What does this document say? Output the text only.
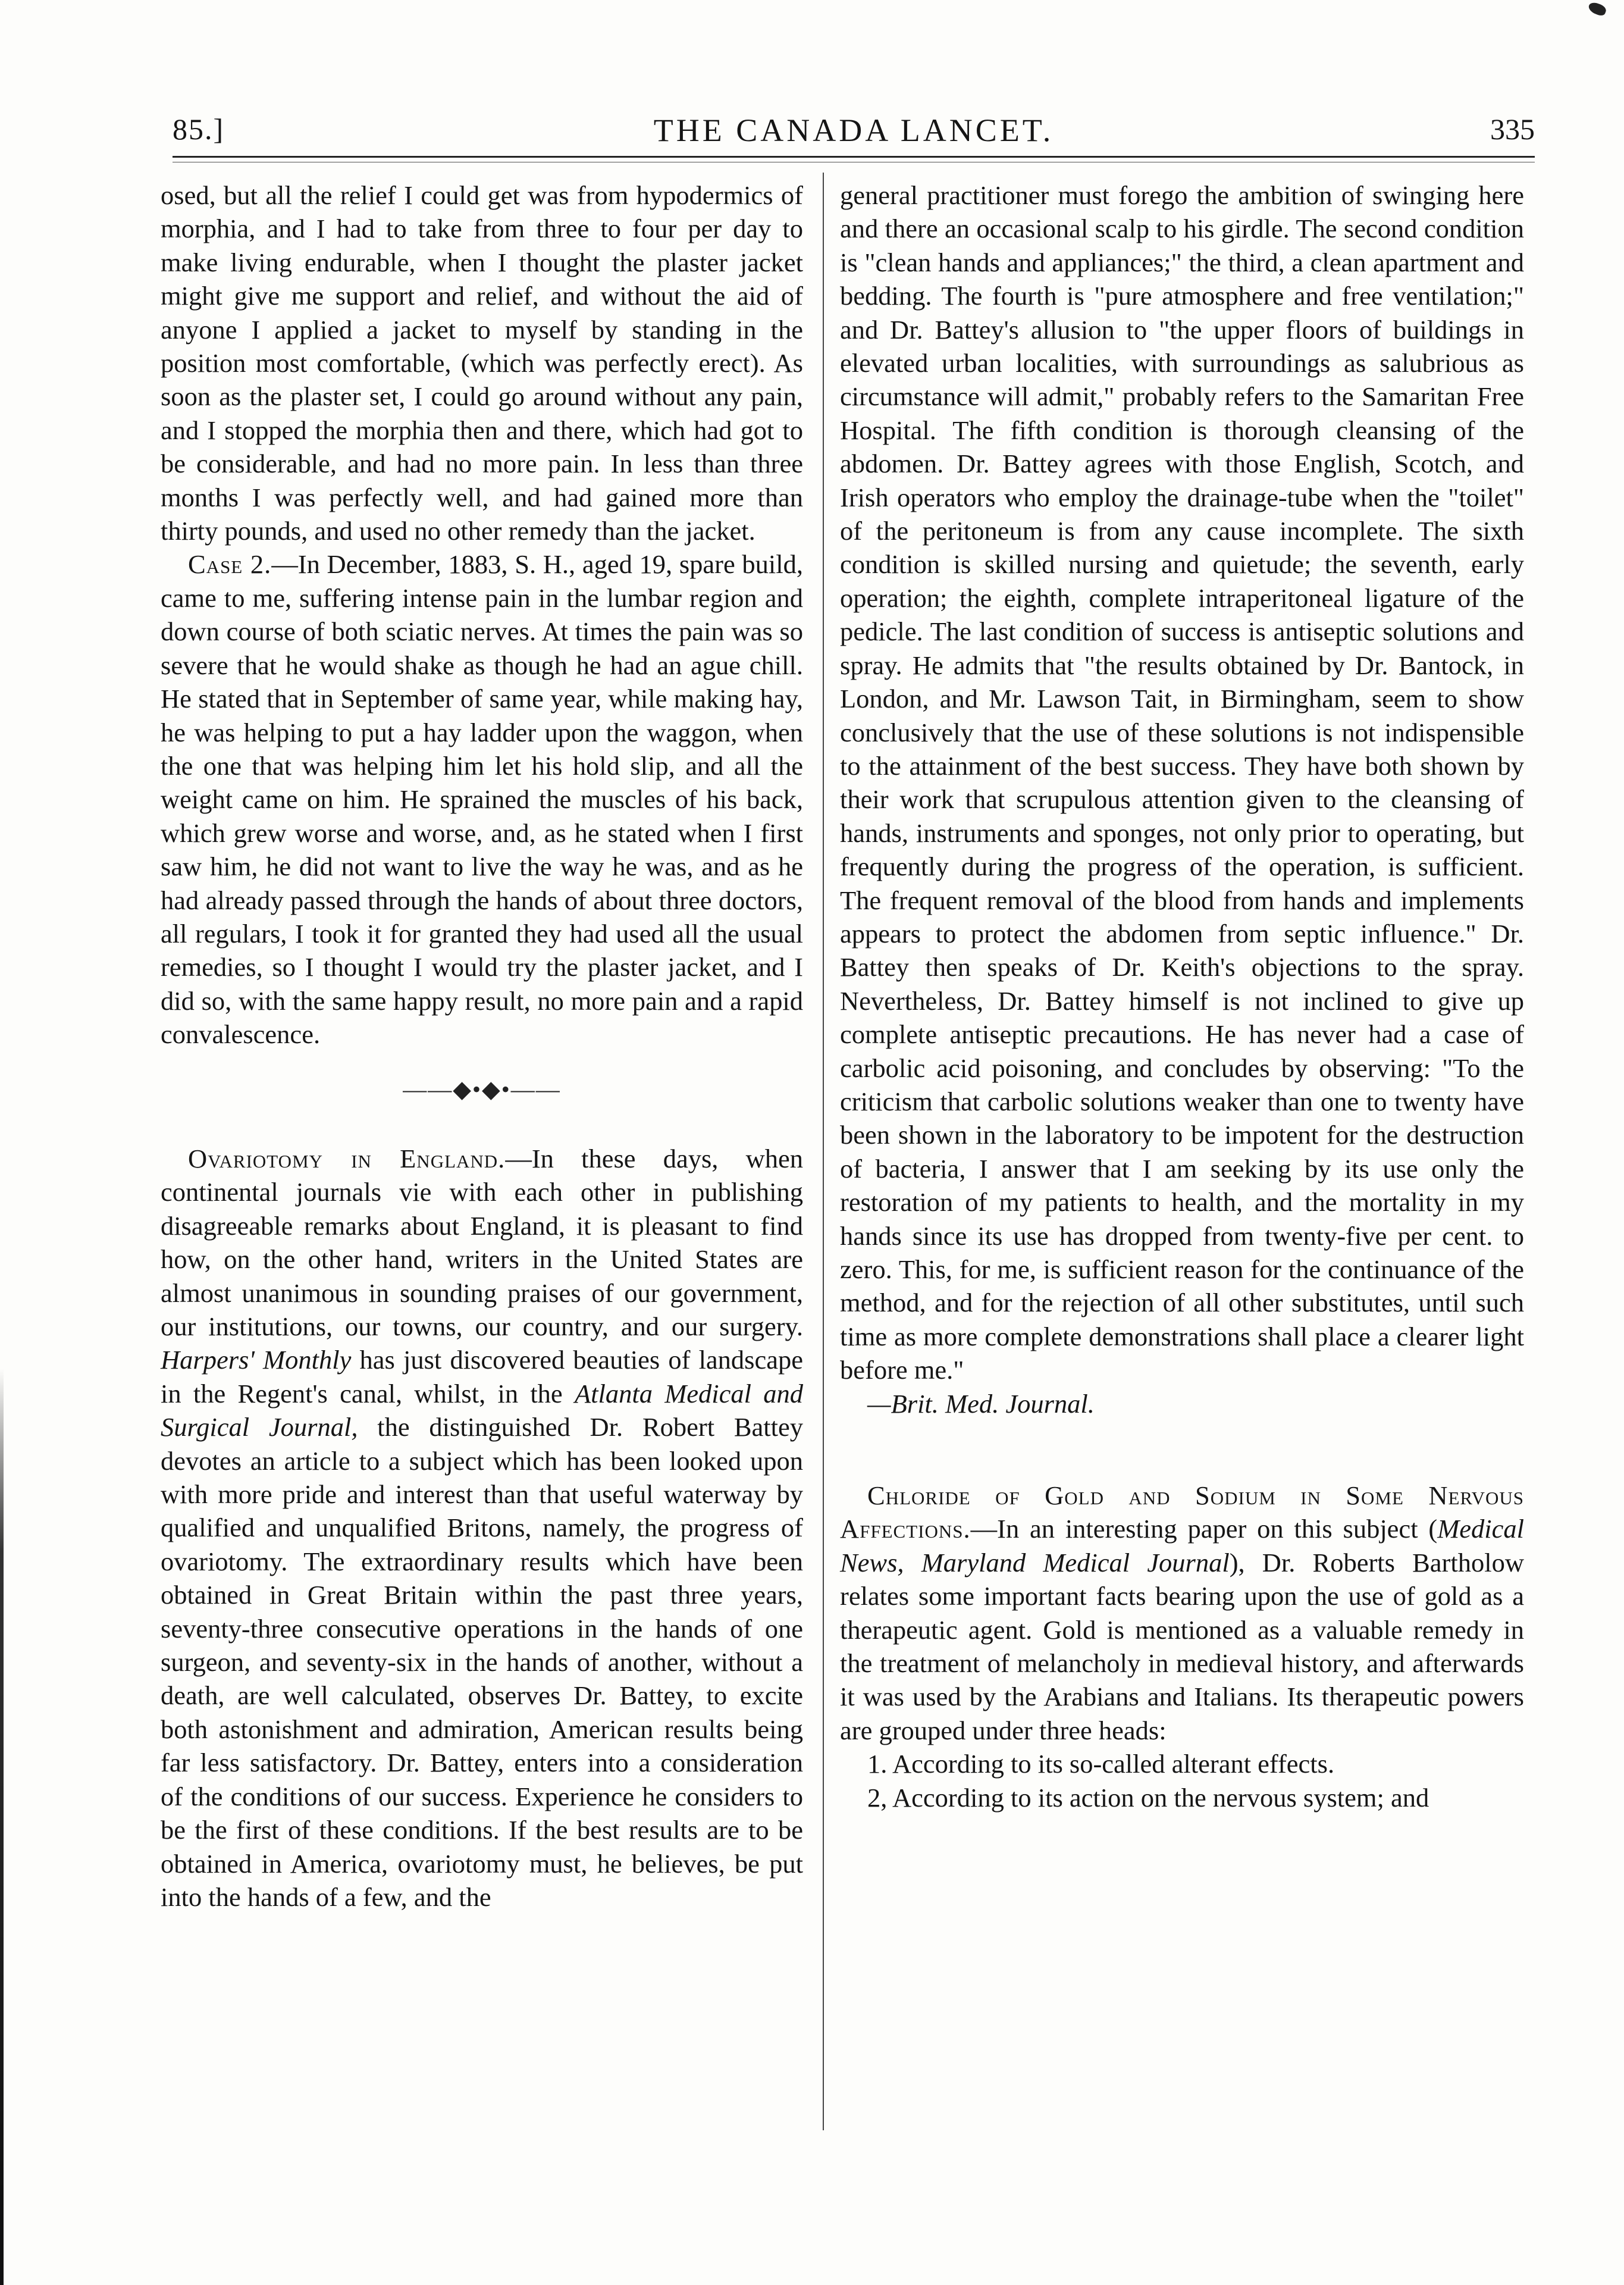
85.]	THE CANADA LANCET.	335

osed, but all the relief I could get was from hypodermics of morphia, and I had to take from three to four per day to make living endurable, when I thought the plaster jacket might give me support and relief, and without the aid of anyone I applied a jacket to myself by standing in the position most comfortable, (which was perfectly erect). As soon as the plaster set, I could go around without any pain, and I stopped the morphia then and there, which had got to be considerable, and had no more pain. In less than three months I was perfectly well, and had gained more than thirty pounds, and used no other remedy than the jacket.

Case 2.—In December, 1883, S. H., aged 19, spare build, came to me, suffering intense pain in the lumbar region and down course of both sciatic nerves. At times the pain was so severe that he would shake as though he had an ague chill. He stated that in September of same year, while making hay, he was helping to put a hay ladder upon the waggon, when the one that was helping him let his hold slip, and all the weight came on him. He sprained the muscles of his back, which grew worse and worse, and, as he stated when I first saw him, he did not want to live the way he was, and as he had already passed through the hands of about three doctors, all regulars, I took it for granted they had used all the usual remedies, so I thought I would try the plaster jacket, and I did so, with the same happy result, no more pain and a rapid convalescence.

——◆•◆•——

Ovariotomy in England.—In these days, when continental journals vie with each other in publishing disagreeable remarks about England, it is pleasant to find how, on the other hand, writers in the United States are almost unanimous in sounding praises of our government, our institutions, our towns, our country, and our surgery. Harpers' Monthly has just discovered beauties of landscape in the Regent's canal, whilst, in the Atlanta Medical and Surgical Journal, the distinguished Dr. Robert Battey devotes an article to a subject which has been looked upon with more pride and interest than that useful waterway by qualified and unqualified Britons, namely, the progress of ovariotomy. The extraordinary results which have been obtained in Great Britain within the past three years, seventy-three consecutive operations in the hands of one surgeon, and seventy-six in the hands of another, without a death, are well calculated, observes Dr. Battey, to excite both astonishment and admiration, American results being far less satisfactory. Dr. Battey, enters into a consideration of the conditions of our success. Experience he considers to be the first of these conditions. If the best results are to be obtained in America, ovariotomy must, he believes, be put into the hands of a few, and the

general practitioner must forego the ambition of swinging here and there an occasional scalp to his girdle. The second condition is "clean hands and appliances;" the third, a clean apartment and bedding. The fourth is "pure atmosphere and free ventilation;" and Dr. Battey's allusion to "the upper floors of buildings in elevated urban localities, with surroundings as salubrious as circumstance will admit," probably refers to the Samaritan Free Hospital. The fifth condition is thorough cleansing of the abdomen. Dr. Battey agrees with those English, Scotch, and Irish operators who employ the drainage-tube when the "toilet" of the peritoneum is from any cause incomplete. The sixth condition is skilled nursing and quietude; the seventh, early operation; the eighth, complete intraperitoneal ligature of the pedicle. The last condition of success is antiseptic solutions and spray. He admits that "the results obtained by Dr. Bantock, in London, and Mr. Lawson Tait, in Birmingham, seem to show conclusively that the use of these solutions is not indispensible to the attainment of the best success. They have both shown by their work that scrupulous attention given to the cleansing of hands, instruments and sponges, not only prior to operating, but frequently during the progress of the operation, is sufficient. The frequent removal of the blood from hands and implements appears to protect the abdomen from septic influence." Dr. Battey then speaks of Dr. Keith's objections to the spray. Nevertheless, Dr. Battey himself is not inclined to give up complete antiseptic precautions. He has never had a case of carbolic acid poisoning, and concludes by observing: "To the criticism that carbolic solutions weaker than one to twenty have been shown in the laboratory to be impotent for the destruction of bacteria, I answer that I am seeking by its use only the restoration of my patients to health, and the mortality in my hands since its use has dropped from twenty-five per cent. to zero. This, for me, is sufficient reason for the continuance of the method, and for the rejection of all other substitutes, until such time as more complete demonstrations shall place a clearer light before me."

—Brit. Med. Journal.

Chloride of Gold and Sodium in Some Nervous Affections.—In an interesting paper on this subject (Medical News, Maryland Medical Journal), Dr. Roberts Bartholow relates some important facts bearing upon the use of gold as a therapeutic agent. Gold is mentioned as a valuable remedy in the treatment of melancholy in medieval history, and afterwards it was used by the Arabians and Italians. Its therapeutic powers are grouped under three heads:

1. According to its so-called alterant effects.

2, According to its action on the nervous system; and
